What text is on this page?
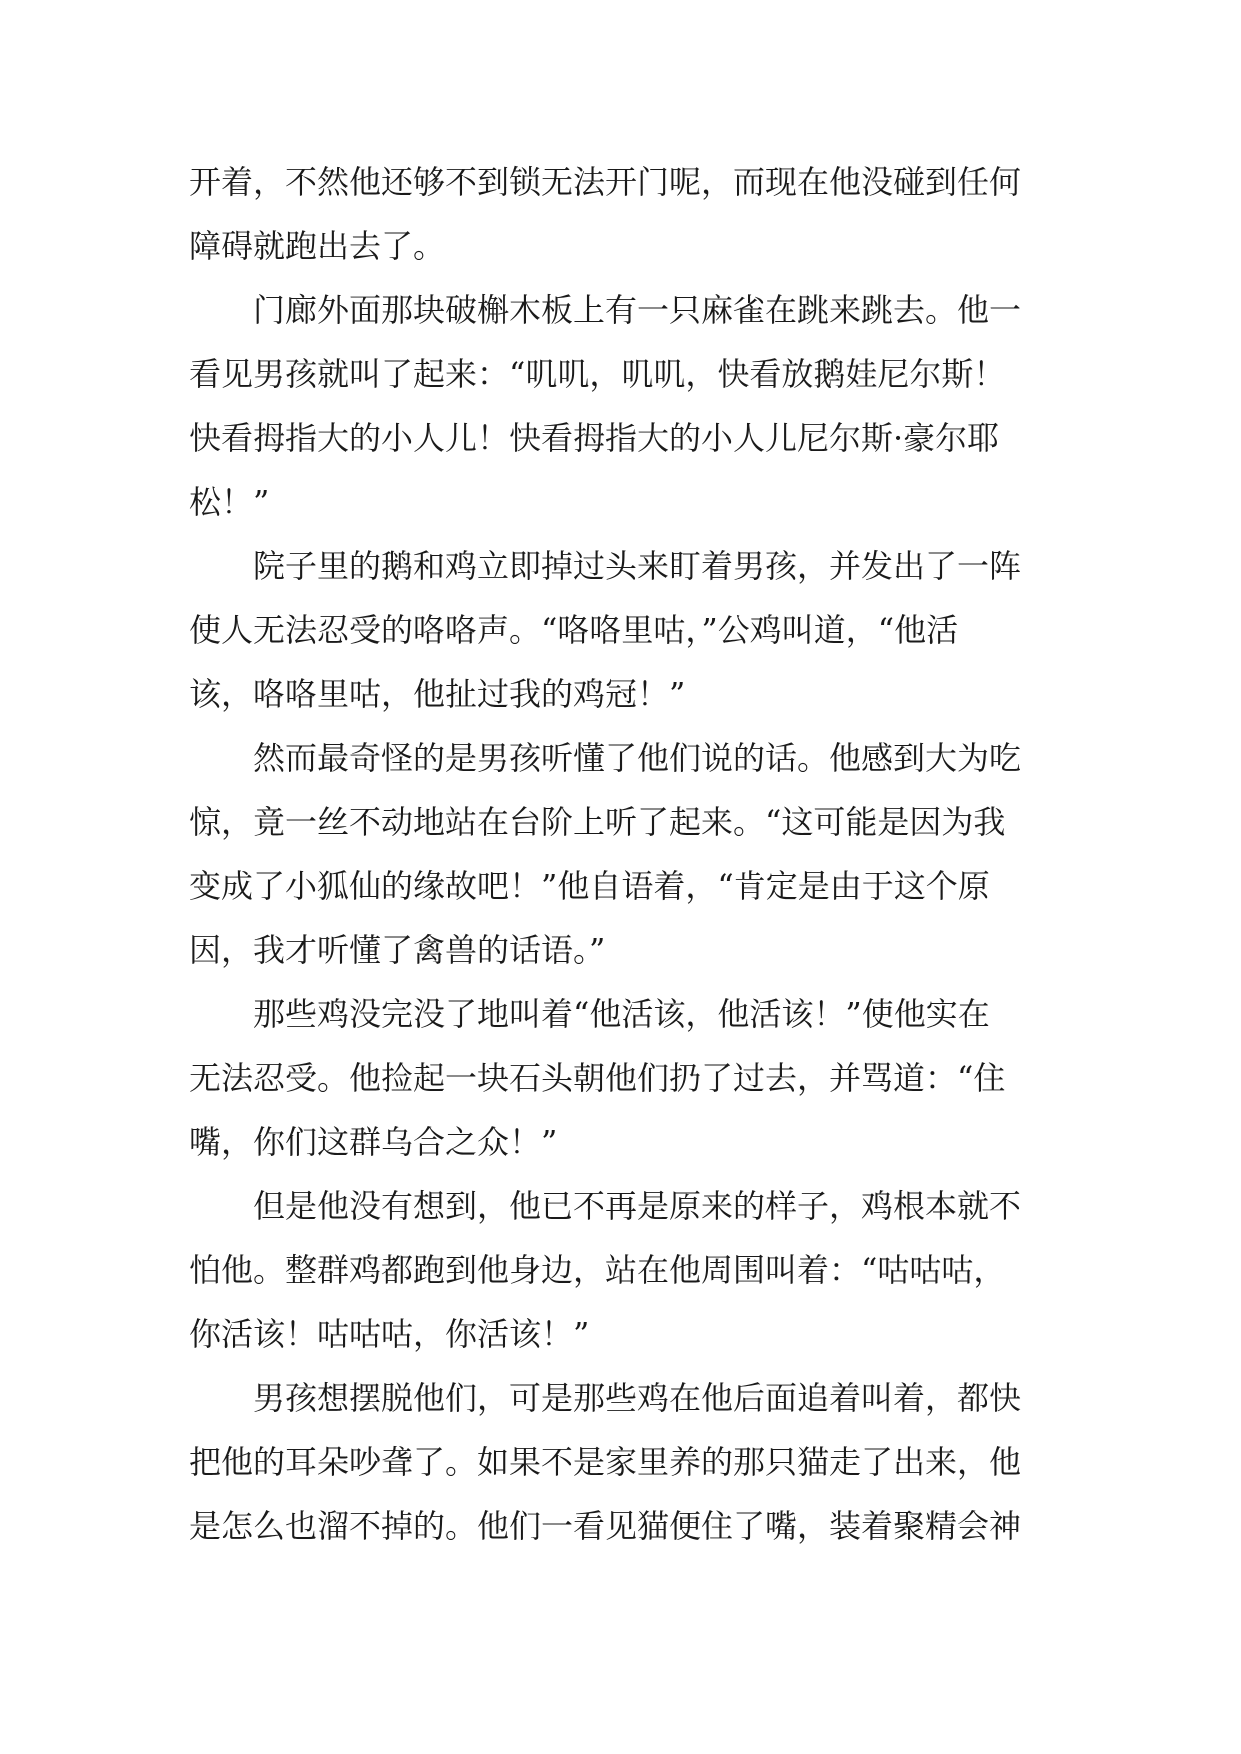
开着，不然他还够不到锁无法开门呢，而现在他没碰到任何
障碍就跑出去了。
　　门廊外面那块破槲木板上有一只麻雀在跳来跳去。他一
看见男孩就叫了起来：“叽叽，叽叽，快看放鹅娃尼尔斯！
快看拇指大的小人儿！快看拇指大的小人儿尼尔斯·豪尔耶
松！”
　　院子里的鹅和鸡立即掉过头来盯着男孩，并发出了一阵
使人无法忍受的咯咯声。“咯咯里咕，”公鸡叫道，“他活
该，咯咯里咕，他扯过我的鸡冠！”
　　然而最奇怪的是男孩听懂了他们说的话。他感到大为吃
惊，竟一丝不动地站在台阶上听了起来。“这可能是因为我
变成了小狐仙的缘故吧！”他自语着，“肯定是由于这个原
因，我才听懂了禽兽的话语。”
　　那些鸡没完没了地叫着“他活该，他活该！”使他实在
无法忍受。他捡起一块石头朝他们扔了过去，并骂道：“住
嘴，你们这群乌合之众！”
　　但是他没有想到，他已不再是原来的样子，鸡根本就不
怕他。整群鸡都跑到他身边，站在他周围叫着：“咕咕咕，
你活该！咕咕咕，你活该！”
　　男孩想摆脱他们，可是那些鸡在他后面追着叫着，都快
把他的耳朵吵聋了。如果不是家里养的那只猫走了出来，他
是怎么也溜不掉的。他们一看见猫便住了嘴，装着聚精会神
